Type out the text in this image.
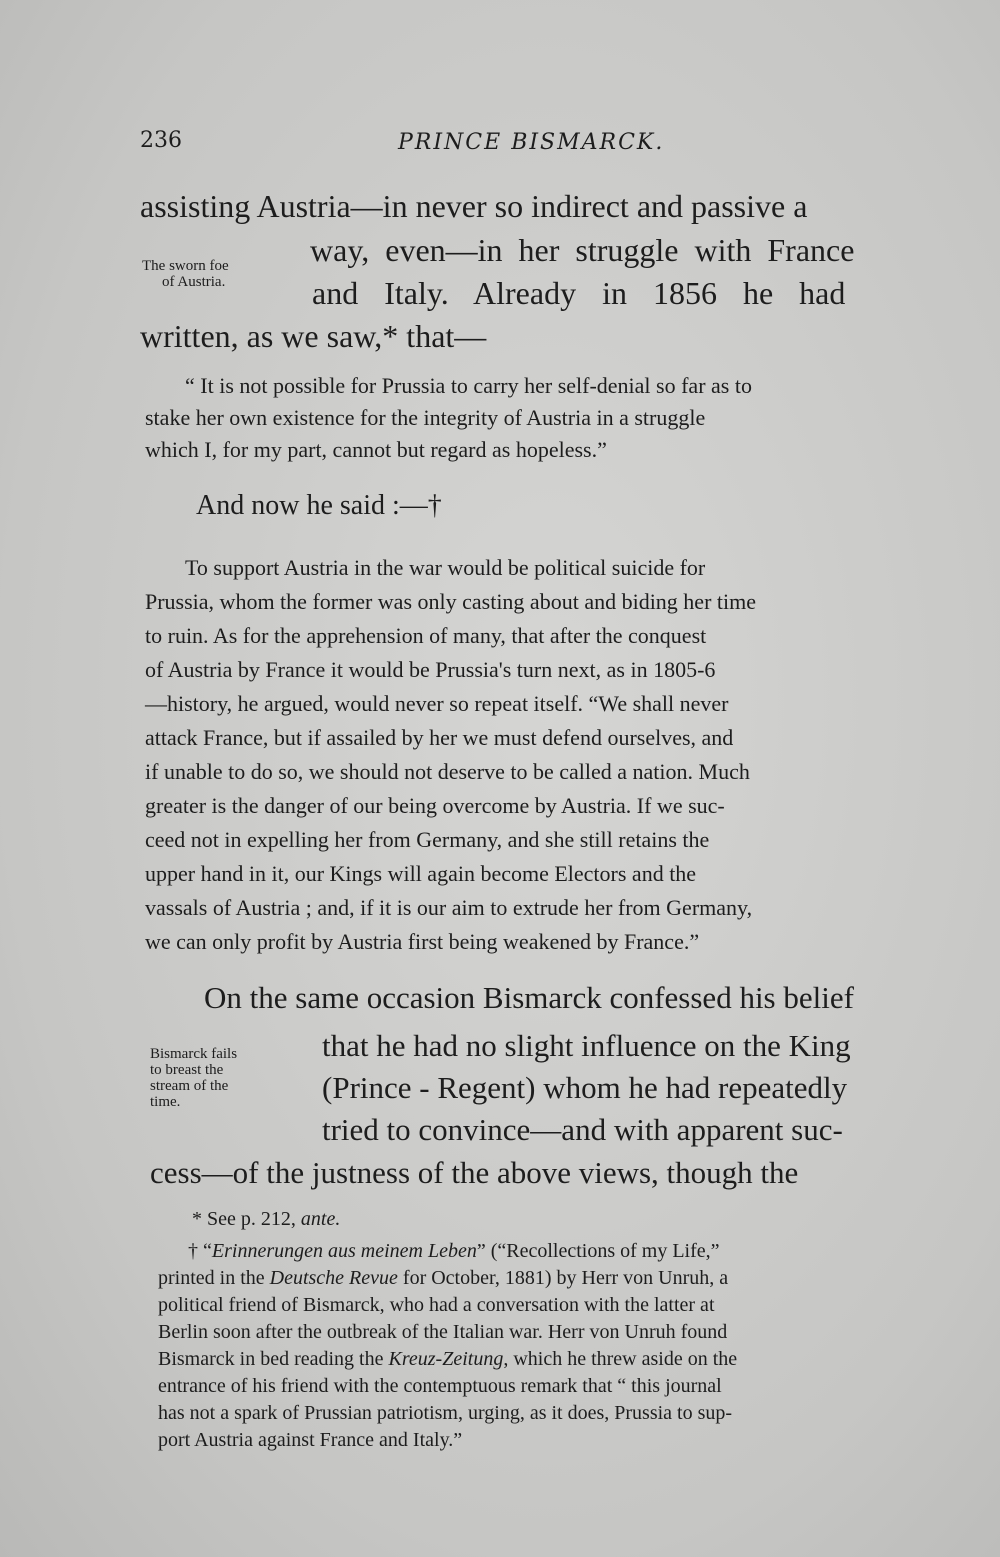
236	PRINCE BISMARCK.
assisting Austria—in never so indirect and passive a
The sworn foe
of Austria.
way, even—in her struggle with France
and Italy. Already in 1856 he had
written, as we saw,* that—
“ It is not possible for Prussia to carry her self-denial so far as to
stake her own existence for the integrity of Austria in a struggle
which I, for my part, cannot but regard as hopeless.”
And now he said :—†
To support Austria in the war would be political suicide for
Prussia, whom the former was only casting about and biding her time
to ruin. As for the apprehension of many, that after the conquest
of Austria by France it would be Prussia's turn next, as in 1805-6
—history, he argued, would never so repeat itself. “We shall never
attack France, but if assailed by her we must defend ourselves, and
if unable to do so, we should not deserve to be called a nation. Much
greater is the danger of our being overcome by Austria. If we suc-
ceed not in expelling her from Germany, and she still retains the
upper hand in it, our Kings will again become Electors and the
vassals of Austria ; and, if it is our aim to extrude her from Germany,
we can only profit by Austria first being weakened by France.”
On the same occasion Bismarck confessed his belief
Bismarck fails
to breast the
stream of the
time.
that he had no slight influence on the King
(Prince - Regent) whom he had repeatedly
tried to convince—and with apparent suc-
cess—of the justness of the above views, though the
* See p. 212, ante.
† “Erinnerungen aus meinem Leben” (“Recollections of my Life,”
printed in the Deutsche Revue for October, 1881) by Herr von Unruh, a
political friend of Bismarck, who had a conversation with the latter at
Berlin soon after the outbreak of the Italian war. Herr von Unruh found
Bismarck in bed reading the Kreuz-Zeitung, which he threw aside on the
entrance of his friend with the contemptuous remark that “ this journal
has not a spark of Prussian patriotism, urging, as it does, Prussia to sup-
port Austria against France and Italy.”
